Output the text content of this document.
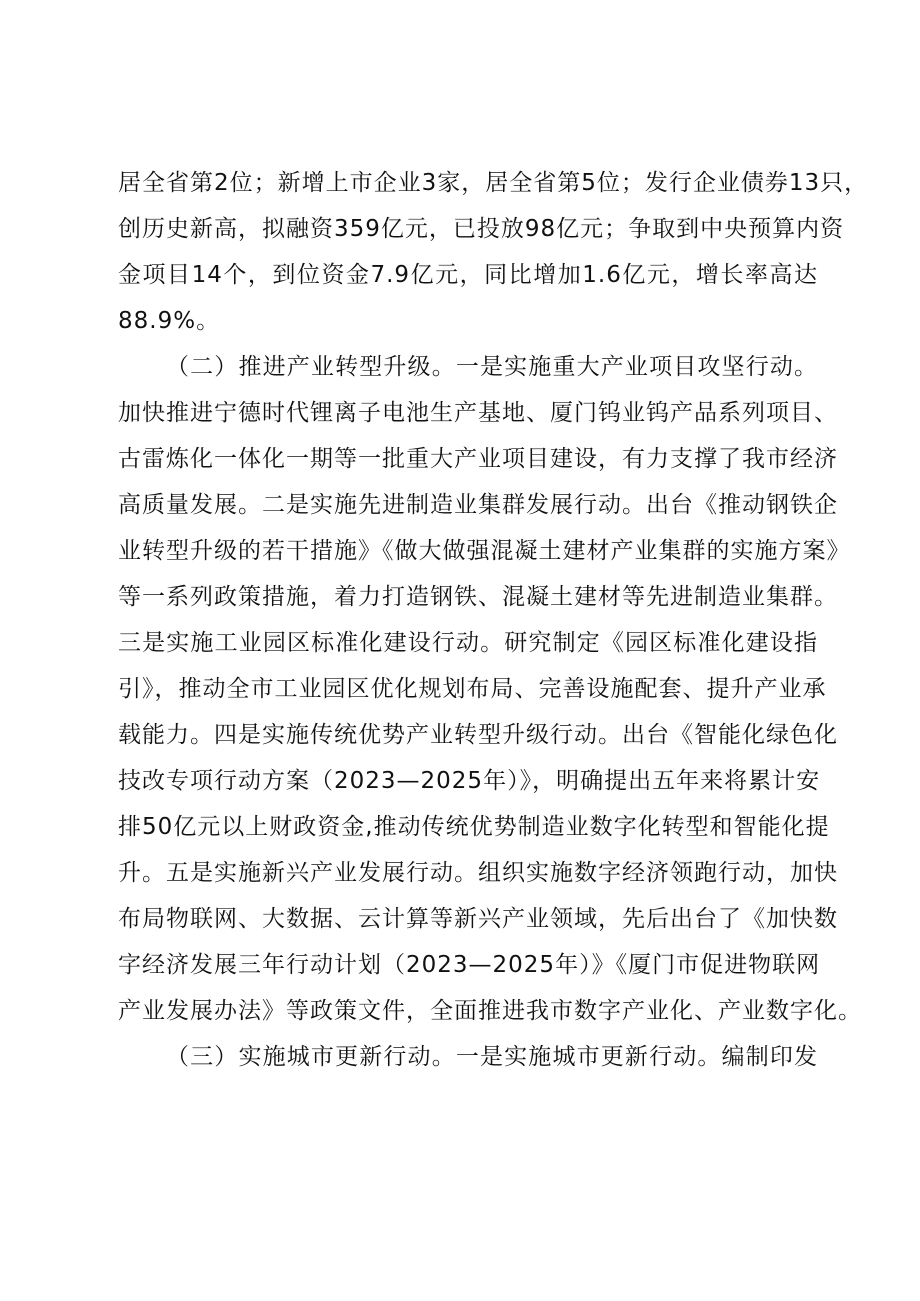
居全省第2位；新增上市企业3家，居全省第5位；发行企业债券13只，
创历史新高，拟融资359亿元，已投放98亿元；争取到中央预算内资
金项目14个，到位资金7.9亿元，同比增加1.6亿元，增长率高达
88.9%。
（二）推进产业转型升级。一是实施重大产业项目攻坚行动。
加快推进宁德时代锂离子电池生产基地、厦门钨业钨产品系列项目、
古雷炼化一体化一期等一批重大产业项目建设，有力支撑了我市经济
高质量发展。二是实施先进制造业集群发展行动。出台《推动钢铁企
业转型升级的若干措施》《做大做强混凝土建材产业集群的实施方案》
等一系列政策措施，着力打造钢铁、混凝土建材等先进制造业集群。
三是实施工业园区标准化建设行动。研究制定《园区标准化建设指
引》，推动全市工业园区优化规划布局、完善设施配套、提升产业承
载能力。四是实施传统优势产业转型升级行动。出台《智能化绿色化
技改专项行动方案（2023—2025年）》，明确提出五年来将累计安
排50亿元以上财政资金,推动传统优势制造业数字化转型和智能化提
升。五是实施新兴产业发展行动。组织实施数字经济领跑行动，加快
布局物联网、大数据、云计算等新兴产业领域，先后出台了《加快数
字经济发展三年行动计划（2023—2025年）》《厦门市促进物联网
产业发展办法》等政策文件，全面推进我市数字产业化、产业数字化。
（三）实施城市更新行动。一是实施城市更新行动。编制印发
